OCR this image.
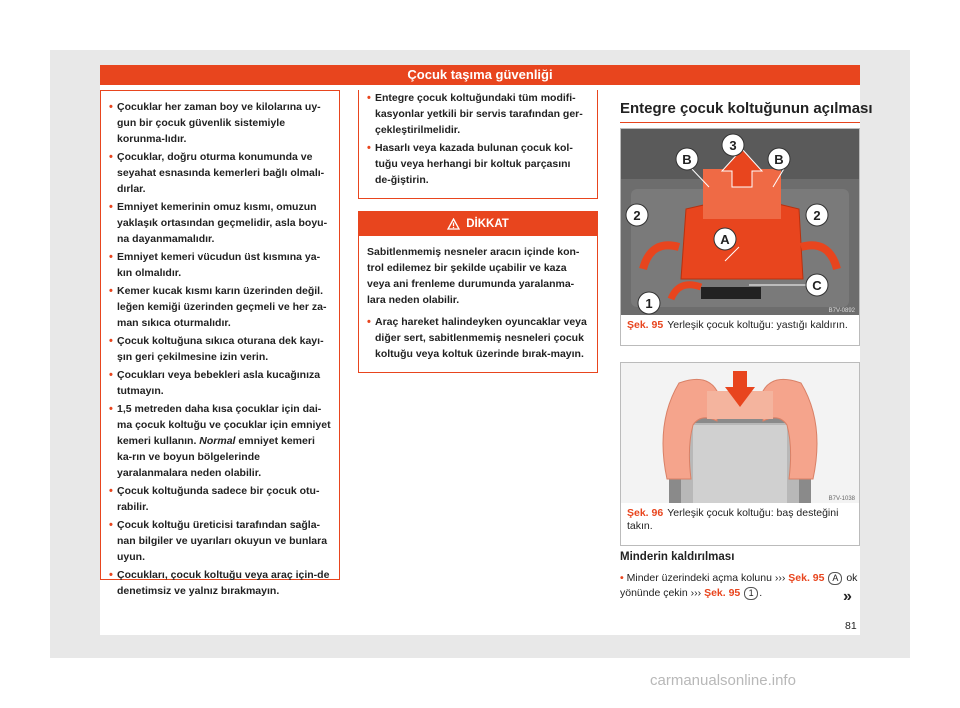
Çocuk taşıma güvenliği
• Çocuklar her zaman boy ve kilolarına uy-gun bir çocuk güvenlik sistemiyle korunma-lıdır.
• Çocuklar, doğru oturma konumunda ve seyahat esnasında kemerleri bağlı olmalı-dırlar.
• Emniyet kemerinin omuz kısmı, omuzun yaklaşık ortasından geçmelidir, asla boyu-na dayanmamalıdır.
• Emniyet kemeri vücudun üst kısmına ya-kın olmalıdır.
• Kemer kucak kısmı karın üzerinden değil. leğen kemiği üzerinden geçmeli ve her za-man sıkıca oturmalıdır.
• Çocuk koltuğuna sıkıca oturana dek kayı-şın geri çekilmesine izin verin.
• Çocukları veya bebekleri asla kucağınıza tutmayın.
• 1,5 metreden daha kısa çocuklar için dai-ma çocuk koltuğu ve çocuklar için emniyet kemeri kullanın. Normal emniyet kemeri ka-rın ve boyun bölgelerinde yaralanmalara neden olabilir.
• Çocuk koltuğunda sadece bir çocuk otu-rabilir.
• Çocuk koltuğu üreticisi tarafından sağla-nan bilgiler ve uyarıları okuyun ve bunlara uyun.
• Çocukları, çocuk koltuğu veya araç için-de denetimsiz ve yalnız bırakmayın.
• Entegre çocuk koltuğundaki tüm modifi-kasyonlar yetkili bir servis tarafından ger-çekleştirilmelidir.
• Hasarlı veya kazada bulunan çocuk kol-tuğu veya herhangi bir koltuk parçasını de-ğiştirin.
DİKKAT

Sabitlenmemiş nesneler aracın içinde kon-trol edilemez bir şekilde uçabilir ve kaza veya ani frenleme durumunda yaralanma-lara neden olabilir.

• Araç hareket halindeyken oyuncaklar veya diğer sert, sabitlenmemiş nesneleri çocuk koltuğu veya koltuk üzerinde bırak-mayın.
Entegre çocuk koltuğunun açılması
B
3
B
2	2
A
1
C
B7V-0892
Şek. 95 Yerleşik çocuk koltuğu: yastığı kaldırın.
B7V-1038
Şek. 96 Yerleşik çocuk koltuğu: baş desteğini takın.
Minderin kaldırılması
• Minder üzerindeki açma kolunu ››› Şek. 95 A ok yönünde çekin ››› Şek. 95 1 .	»
81
carmanualsonline.info
